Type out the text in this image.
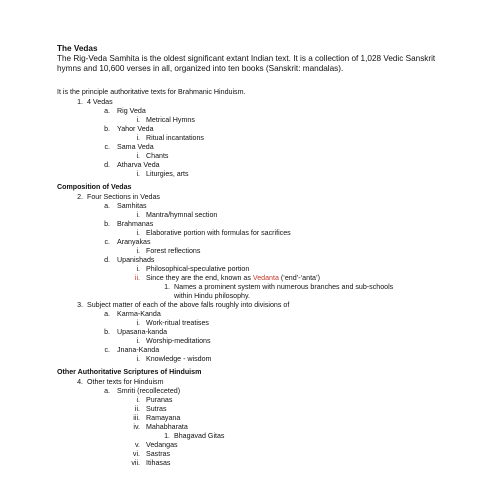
The Vedas
The Rig-Veda Samhita is the oldest significant extant Indian text. It is a collection of 1,028 Vedic Sanskrit hymns and 10,600 verses in all, organized into ten books (Sanskrit: mandalas).
It is the principle authoritative texts for Brahmanic Hinduism.
1. 4 Vedas
a. Rig Veda
i. Metrical Hymns
b. Yahor Veda
i. Ritual incantations
c. Sama Veda
i. Chants
d. Atharva Veda
i. Liturgies, arts
Composition of Vedas
2. Four Sections in Vedas
a. Samhitas
i. Mantra/hymnal section
b. Brahmanas
i. Elaborative portion with formulas for sacrifices
c. Aranyakas
i. Forest reflections
d. Upanishads
i. Philosophical-speculative portion
ii. Since they are the end, known as Vedanta (‘end’-‘anta’)
1. Names a prominent system with numerous branches and sub-schools
within Hindu philosophy.
3. Subject matter of each of the above falls roughly into divisions of
a. Karma-Kanda
i. Work-ritual treatises
b. Upasana-kanda
i. Worship-meditations
c. Jnana-Kanda
i. Knowledge - wisdom
Other Authoritative Scriptures of Hinduism
4. Other texts for Hinduism
a. Smriti (recolleceted)
i. Puranas
ii. Sutras
iii. Ramayana
iv. Mahabharata
1. Bhagavad Gitas
v. Vedangas
vi. Sastras
vii. Itihasas
